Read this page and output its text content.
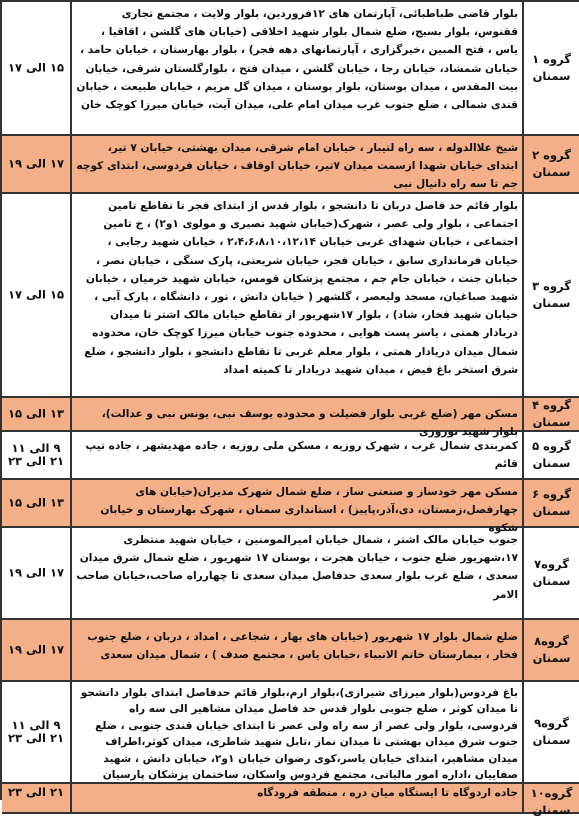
۱۵ الی ۱۷
بلوار قاضی طباطبائی، آپارتمان های ۱۲فروردین، بلوار ولایت ، مجتمع تجاری ققنوس، بلوار بسیج، ضلع شمال بلوار شهید اخلاقی (خیابان های گلشن ، اقاقیا ، یاس ، فتح المبین ،خیرگزاری ، آپارتمانهای دهه فجر) ، بلوار بهارستان ، خیابان حامد ، خیابان شمشاد، خیابان رجا ، خیابان گلشن ، میدان فتح ، بلوارگلستان شرقی، خیابان بیت المقدس ، میدان بوستان، بلوار بوستان ، میدان گل مریم ، خیابان طبیعت ، خیابان قندی شمالی ، ضلع جنوب غرب میدان امام علی، میدان آیت، خیابان میرزا کوچک خان
گروه ۱
سمنان
۱۷ الی ۱۹
شیخ علاالدوله ، سه راه لتیبار ، خیابان امام شرقی، میدان بهشتی، خیابان ۷ تیر، ابتدای خیابان شهدا ازسمت میدان ۷تیر، خیابان اوقاف ، خیابان فردوسی، ابتدای کوچه جم تا سه راه دانیال نبی
گروه ۲
سمنان
۱۵ الی ۱۷
بلوار قائم حد فاصل دربان تا دانشجو ، بلوار قدس از ابتدای فجر تا تقاطع تامین اجتماعی ، بلوار ولی عصر ، شهرک(خیابان شهید نصیری و مولوی ۱و۲) ، خ تامین اجتماعی ، خیابان شهدای غربی خیابان ۲،۴،۶،۸،۱۰،۱۲،۱۴ ، خیابان شهید رجایی ، خیابان فرمانداری سابق ، خیابان فجر، خیابان شریعتی، پارک سنگی ، خیابان نصر ، خیابان جنت ، خیابان جام جم ، مجتمع پزشکان قومس، خیابان شهید خرمیان ، خیابان شهید صباغیان، مسجد ولیعصر ، گلشهر ( خیابان دانش ، نور ، دانشگاه ، پارک آبی ، خیابان شهید فخار، شاد) ، بلوار ۱۷شهریور از تقاطع خیابان مالک اشتر تا میدان دریادار همتی ، یاسر پست هوایی ، محدوده جنوب خیابان میرزا کوچک خان، محدوده شمال میدان دریادار همتی ، بلوار معلم غربی تا تقاطع دانشجو ، بلوار دانشجو ، ضلع شرق استخر باغ فیض ، میدان شهید دریادار تا کمیته امداد
گروه ۳
سمنان
۱۳ الی ۱۵	مسکن مهر (ضلع غربی بلوار فضیلت و محدوده یوسف نبی، یونس نبی و عدالت)، بلوار شهید نوروزی
گروه ۴
سمنان
۹ الی ۱۱
۲۱ الی ۲۳
کمربندی شمال غرب ، شهرک روزیه ، مسکن ملی روزیه ، جاده مهدیشهر ، جاده تیپ قائم
گروه ۵
سمنان
۱۳ الی ۱۵
مسکن مهر خودساز و صنعتی ساز ، ضلع شمال شهرک مدیران(خیابان های چهارفصل،زمستان، دی،آذر،پاییز) ، استانداری سمنان ، شهرک بهارستان و خیابان شکوه
گروه ۶
سمنان
۱۷ الی ۱۹
جنوب خیابان مالک اشتر ، شمال خیابان امیرالمومنین ، خیابان شهید منتظری ۱۷،شهریور ضلع جنوب ، خیابان هجرت ، بوستان ۱۷ شهریور ، ضلع شمال شرق میدان سعدی ، ضلع غرب بلوار سعدی حدفاصل میدان سعدی تا چهارراه صاحب،خیابان صاحب الامر
گروه۷
سمنان
۱۷ الی ۱۹
ضلع شمال بلوار ۱۷ شهریور (خیابان های بهار ، شجاعی ، امداد ، دربان ، ضلع جنوب فخار ، بیمارستان خاتم الانبیاء ،خیابان یاس ، مجتمع صدف ) ، شمال میدان سعدی
گروه۸
سمنان
۹ الی ۱۱
۲۱ الی ۲۳
باغ فردوس(بلوار میرزای شیرازی)،بلوار ارم،بلوار قائم حدفاصل ابتدای بلوار دانشجو تا میدان کوثر ، ضلع جنوبی بلوار قدس حد فاصل میدان مشاهیر الی سه راه فردوسی، بلوار ولی عصر از سه راه ولی عصر تا ابتدای خیابان قندی جنوبی ، ضلع جنوب شرق میدان بهشتی تا میدان نماز ،تابل شهید شاطری، میدان کوثر،اطراف میدان مشاهیر، ابتدای خیابان یاسر،کوی رضوان خیابان ۱و۲، خیابان دانش ، شهید صفاییان ،اداره امور مالیاتی، مجتمع فردوس واسکان، ساختمان پزشکان پارسیان
گروه۹
سمنان
۲۱ الی ۲۳	جاده اردوگاه تا ایستگاه میان دره ، منطقه فرودگاه	گروه۱۰
سمنان
